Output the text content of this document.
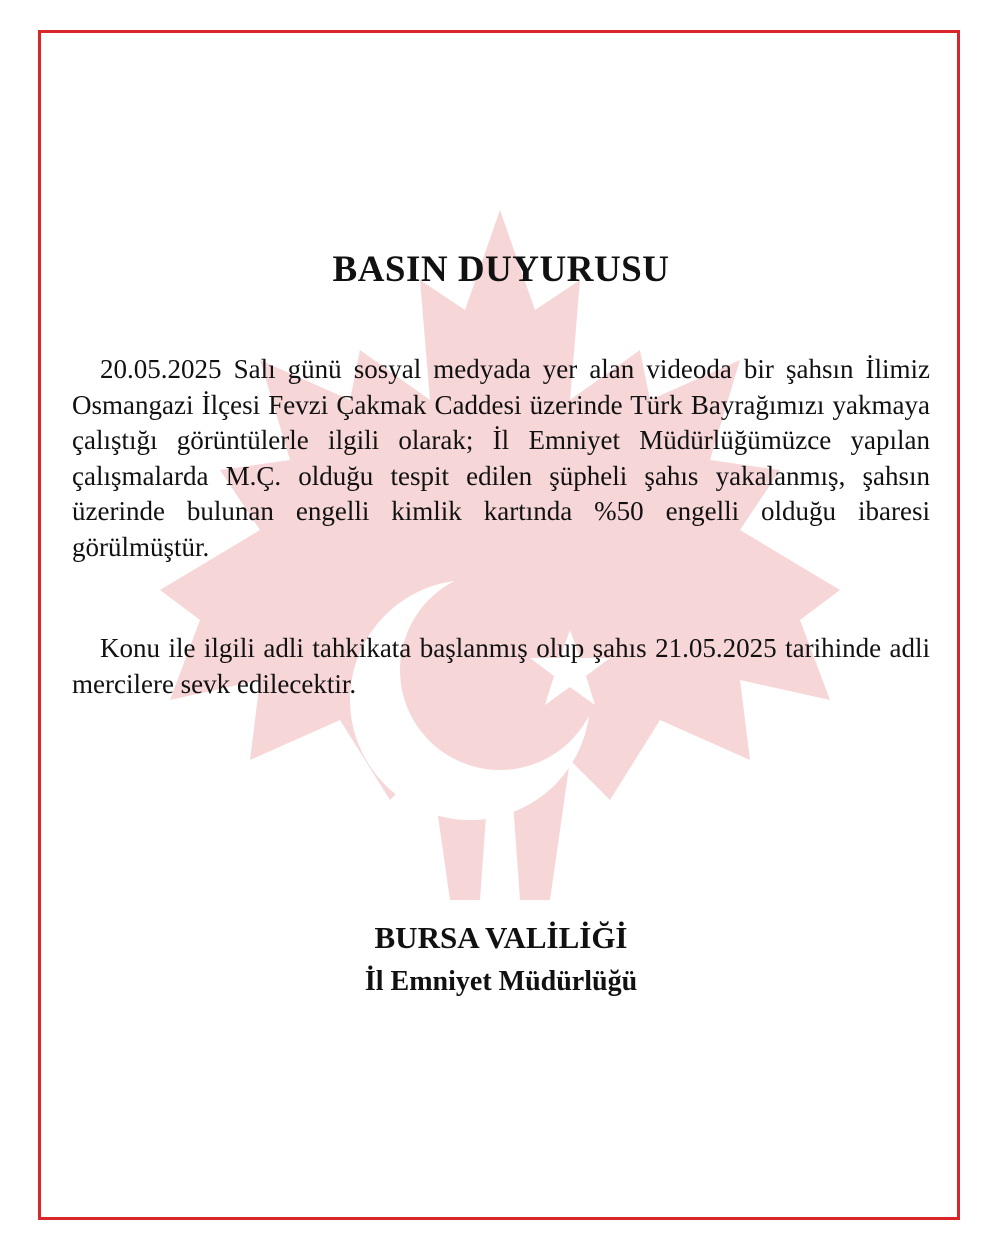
BASIN DUYURUSU

20.05.2025 Salı günü sosyal medyada yer alan videoda bir şahsın İlimiz Osmangazi İlçesi Fevzi Çakmak Caddesi üzerinde Türk Bayrağımızı yakmaya çalıştığı görüntülerle ilgili olarak; İl Emniyet Müdürlüğümüzce yapılan çalışmalarda M.Ç. olduğu tespit edilen şüpheli şahıs yakalanmış, şahsın üzerinde bulunan engelli kimlik kartında %50 engelli olduğu ibaresi görülmüştür.

Konu ile ilgili adli tahkikata başlanmış olup şahıs 21.05.2025 tarihinde adli mercilere sevk edilecektir.

BURSA VALİLİĞİ

İl Emniyet Müdürlüğü
